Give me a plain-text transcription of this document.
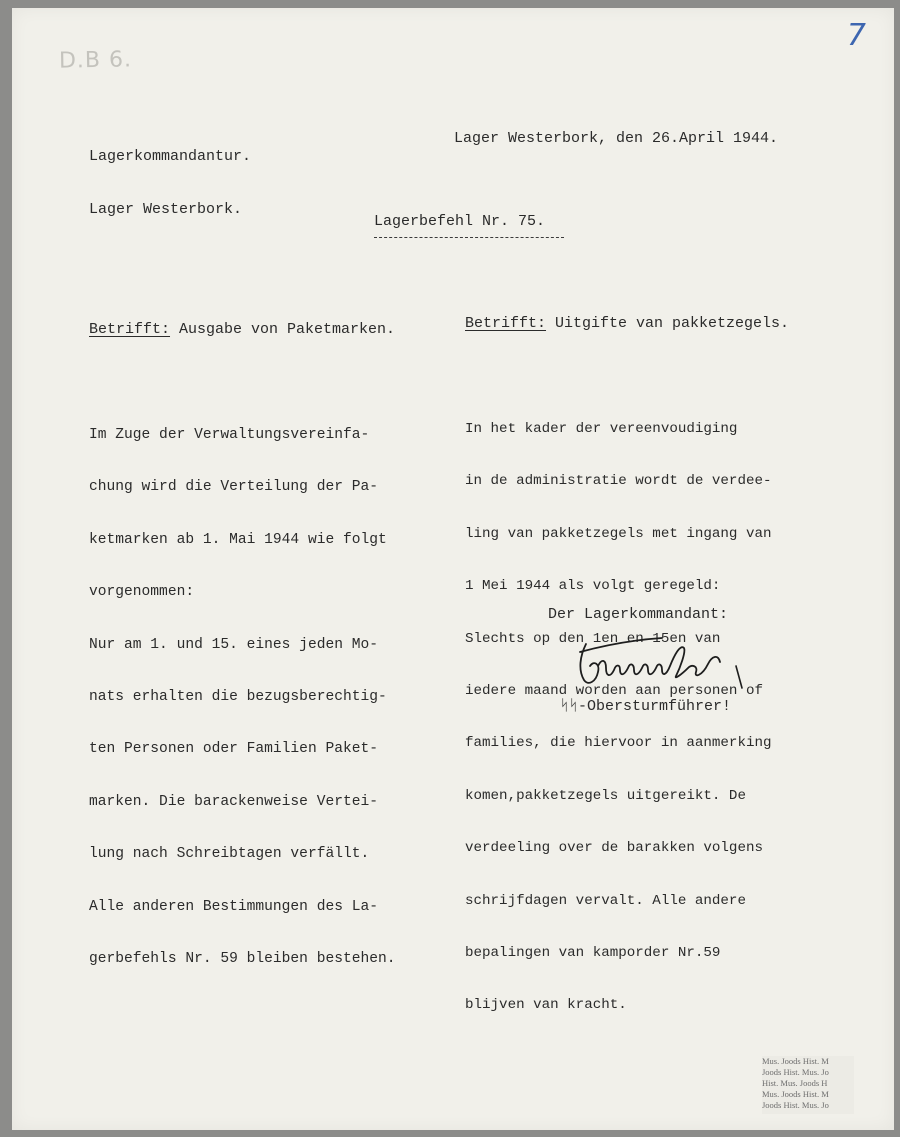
D.B 6.
7

Lagerkommandantur.

Lager Westerbork.

Lager Westerbork, den 26.April 1944.
Lagerbefehl Nr. 75.

Betrifft: Ausgabe von Paketmarken.

Im Zuge der Verwaltungsvereinfa-

chung wird die Verteilung der Pa-

ketmarken ab 1. Mai 1944 wie folgt

vorgenommen:

Nur am 1. und 15. eines jeden Mo-

nats erhalten die bezugsberechtig-

ten Personen oder Familien Paket-

marken. Die barackenweise Vertei-

lung nach Schreibtagen verfällt.

Alle anderen Bestimmungen des La-

gerbefehls Nr. 59 bleiben bestehen.

Betrifft: Uitgifte van pakketzegels.

In het kader der vereenvoudiging

in de administratie wordt de verdee-

ling van pakketzegels met ingang van

1 Mei 1944 als volgt geregeld:

Slechts op den 1en en 15en van

iedere maand worden aan personen of

families, die hiervoor in aanmerking

komen,pakketzegels uitgereikt. De

verdeeling over de barakken volgens

schrijfdagen vervalt. Alle andere

bepalingen van kamporder Nr.59

blijven van kracht.

Der Lagerkommandant:
ᛋᛋ-Obersturmführer!
Mus. Joods Hist. M
Joods Hist. Mus. Jo
Hist. Mus. Joods H
Mus. Joods Hist. M
Joods Hist. Mus. Jo
